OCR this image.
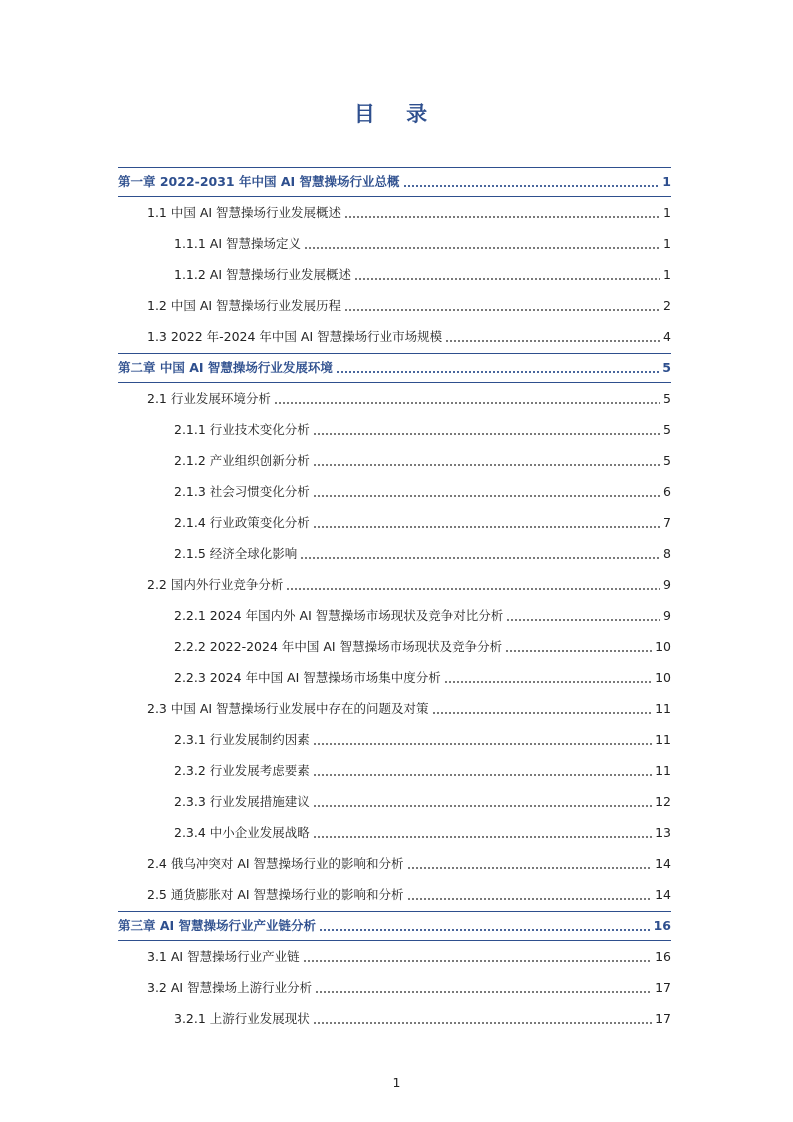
目 录
第一章 2022-2031 年中国 AI 智慧操场行业总概	1
1.1 中国 AI 智慧操场行业发展概述	1
1.1.1 AI 智慧操场定义	1
1.1.2 AI 智慧操场行业发展概述	1
1.2 中国 AI 智慧操场行业发展历程	2
1.3 2022 年-2024 年中国 AI 智慧操场行业市场规模	4
第二章 中国 AI 智慧操场行业发展环境	5
2.1 行业发展环境分析	5
2.1.1 行业技术变化分析	5
2.1.2 产业组织创新分析	5
2.1.3 社会习惯变化分析	6
2.1.4 行业政策变化分析	7
2.1.5 经济全球化影响	8
2.2 国内外行业竞争分析	9
2.2.1 2024 年国内外 AI 智慧操场市场现状及竞争对比分析	9
2.2.2 2022-2024 年中国 AI 智慧操场市场现状及竞争分析	10
2.2.3 2024 年中国 AI 智慧操场市场集中度分析	10
2.3 中国 AI 智慧操场行业发展中存在的问题及对策	11
2.3.1 行业发展制约因素	11
2.3.2 行业发展考虑要素	11
2.3.3 行业发展措施建议	12
2.3.4 中小企业发展战略	13
2.4 俄乌冲突对 AI 智慧操场行业的影响和分析	14
2.5 通货膨胀对 AI 智慧操场行业的影响和分析	14
第三章 AI 智慧操场行业产业链分析	16
3.1 AI 智慧操场行业产业链	16
3.2 AI 智慧操场上游行业分析	17
3.2.1 上游行业发展现状	17
1
